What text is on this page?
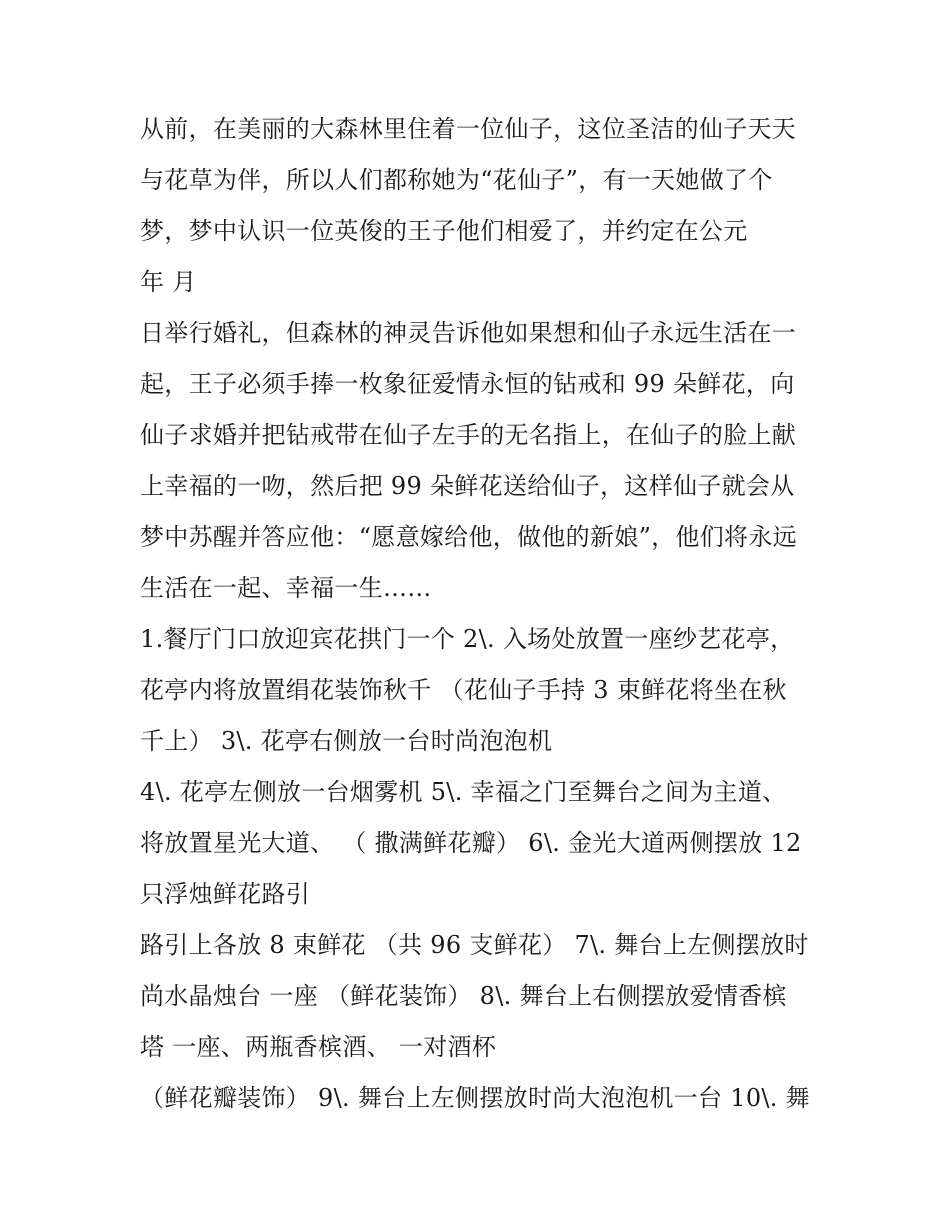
从前，在美丽的大森林里住着一位仙子，这位圣洁的仙子天天
与花草为伴，所以人们都称她为“花仙子”，有一天她做了个
梦，梦中认识一位英俊的王子他们相爱了，并约定在公元
年 月
日举行婚礼，但森林的神灵告诉他如果想和仙子永远生活在一
起，王子必须手捧一枚象征爱情永恒的钻戒和 99 朵鲜花，向
仙子求婚并把钻戒带在仙子左手的无名指上，在仙子的脸上献
上幸福的一吻，然后把 99 朵鲜花送给仙子，这样仙子就会从
梦中苏醒并答应他：“愿意嫁给他，做他的新娘”，他们将永远
生活在一起、幸福一生……
1.餐厅门口放迎宾花拱门一个 2\. 入场处放置一座纱艺花亭，
花亭内将放置绢花装饰秋千 （花仙子手持 3 束鲜花将坐在秋
千上） 3\. 花亭右侧放一台时尚泡泡机
4\. 花亭左侧放一台烟雾机 5\. 幸福之门至舞台之间为主道、
将放置星光大道、 （ 撒满鲜花瓣） 6\. 金光大道两侧摆放 12
只浮烛鲜花路引
路引上各放 8 束鲜花 （共 96 支鲜花） 7\. 舞台上左侧摆放时
尚水晶烛台 一座 （鲜花装饰） 8\. 舞台上右侧摆放爱情香槟
塔 一座、两瓶香槟酒、 一对酒杯
（鲜花瓣装饰） 9\. 舞台上左侧摆放时尚大泡泡机一台 10\. 舞
